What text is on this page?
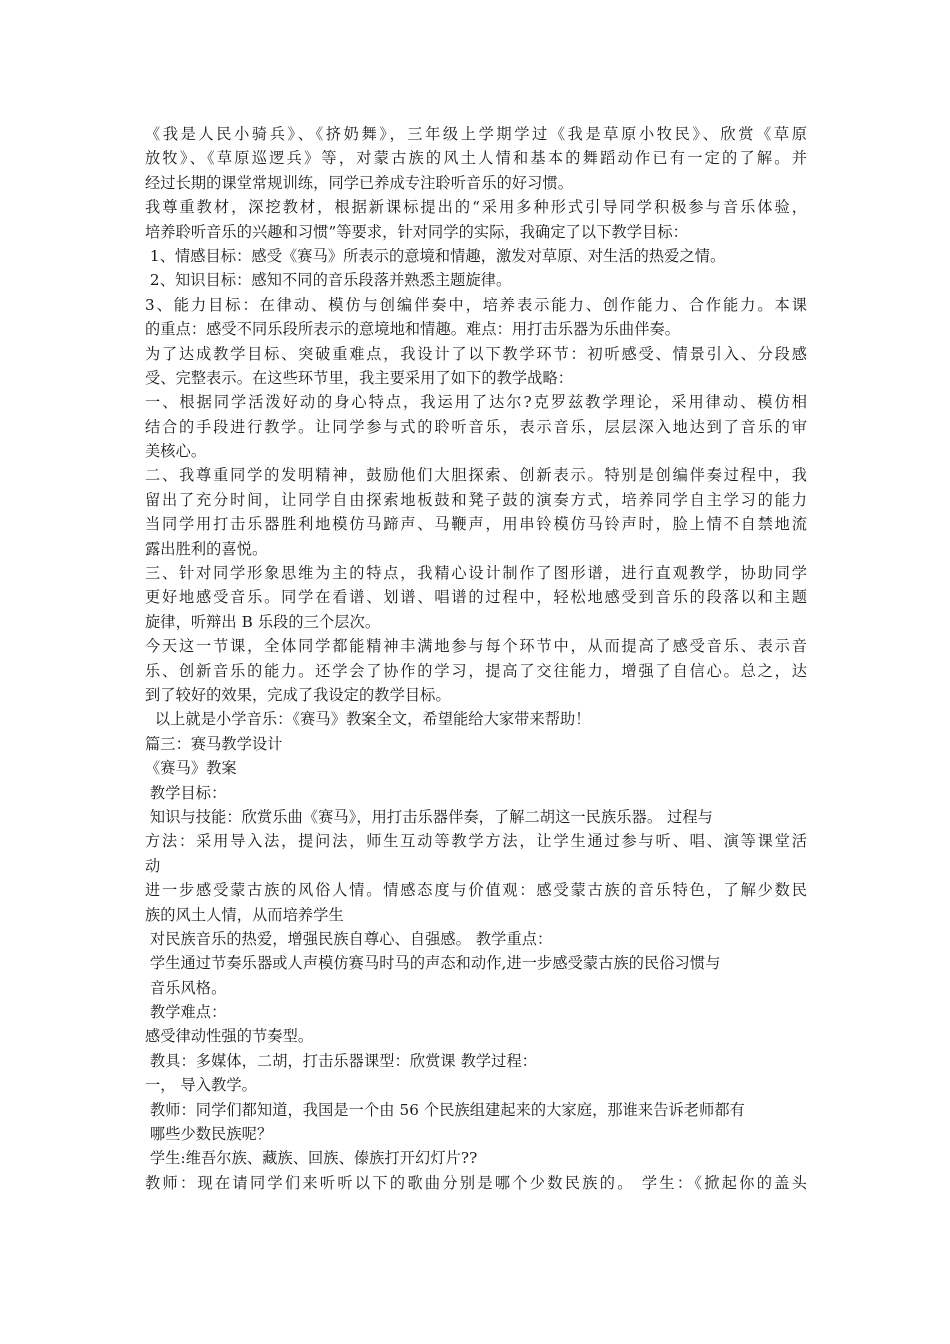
《我是人民小骑兵》、《挤奶舞》，三年级上学期学过《我是草原小牧民》、欣赏《草原
放牧》、《草原巡逻兵》等，对蒙古族的风土人情和基本的舞蹈动作已有一定的了解。并
经过长期的课堂常规训练，同学已养成专注聆听音乐的好习惯。
我尊重教材，深挖教材，根据新课标提出的“采用多种形式引导同学积极参与音乐体验，
培养聆听音乐的兴趣和习惯”等要求，针对同学的实际，我确定了以下教学目标：
1、情感目标：感受《赛马》所表示的意境和情趣，激发对草原、对生活的热爱之情。
2、知识目标：感知不同的音乐段落并熟悉主题旋律。
3、能力目标：在律动、模仿与创编伴奏中，培养表示能力、创作能力、合作能力。本课
的重点：感受不同乐段所表示的意境地和情趣。难点：用打击乐器为乐曲伴奏。
为了达成教学目标、突破重难点，我设计了以下教学环节：初听感受、情景引入、分段感
受、完整表示。在这些环节里，我主要采用了如下的教学战略：
一、根据同学活泼好动的身心特点，我运用了达尔?克罗兹教学理论，采用律动、模仿相
结合的手段进行教学。让同学参与式的聆听音乐，表示音乐，层层深入地达到了音乐的审
美核心。
二、我尊重同学的发明精神，鼓励他们大胆探索、创新表示。特别是创编伴奏过程中，我
留出了充分时间，让同学自由探索地板鼓和凳子鼓的演奏方式，培养同学自主学习的能力
当同学用打击乐器胜利地模仿马蹄声、马鞭声，用串铃模仿马铃声时，脸上情不自禁地流
露出胜利的喜悦。
三、针对同学形象思维为主的特点，我精心设计制作了图形谱，进行直观教学，协助同学
更好地感受音乐。同学在看谱、划谱、唱谱的过程中，轻松地感受到音乐的段落以和主题
旋律，听辩出 B 乐段的三个层次。
今天这一节课，全体同学都能精神丰满地参与每个环节中，从而提高了感受音乐、表示音
乐、创新音乐的能力。还学会了协作的学习，提高了交往能力，增强了自信心。总之，达
到了较好的效果，完成了我设定的教学目标。
以上就是小学音乐：《赛马》教案全文，希望能给大家带来帮助！
篇三：赛马教学设计
《赛马》教案
教学目标：
知识与技能：欣赏乐曲《赛马》，用打击乐器伴奏，了解二胡这一民族乐器。 过程与
方法：采用导入法，提问法，师生互动等教学方法，让学生通过参与听、唱、演等课堂活
动
进一步感受蒙古族的风俗人情。情感态度与价值观：感受蒙古族的音乐特色，了解少数民
族的风土人情，从而培养学生
对民族音乐的热爱，增强民族自尊心、自强感。 教学重点：
学生通过节奏乐器或人声模仿赛马时马的声态和动作,进一步感受蒙古族的民俗习惯与
音乐风格。
教学难点：
感受律动性强的节奏型。
教具：多媒体，二胡，打击乐器课型：欣赏课 教学过程：
一， 导入教学。
教师：同学们都知道，我国是一个由 56 个民族组建起来的大家庭，那谁来告诉老师都有
哪些少数民族呢？
学生:维吾尔族、藏族、回族、傣族打开幻灯片??
教师：现在请同学们来听听以下的歌曲分别是哪个少数民族的。 学生：《掀起你的盖头
